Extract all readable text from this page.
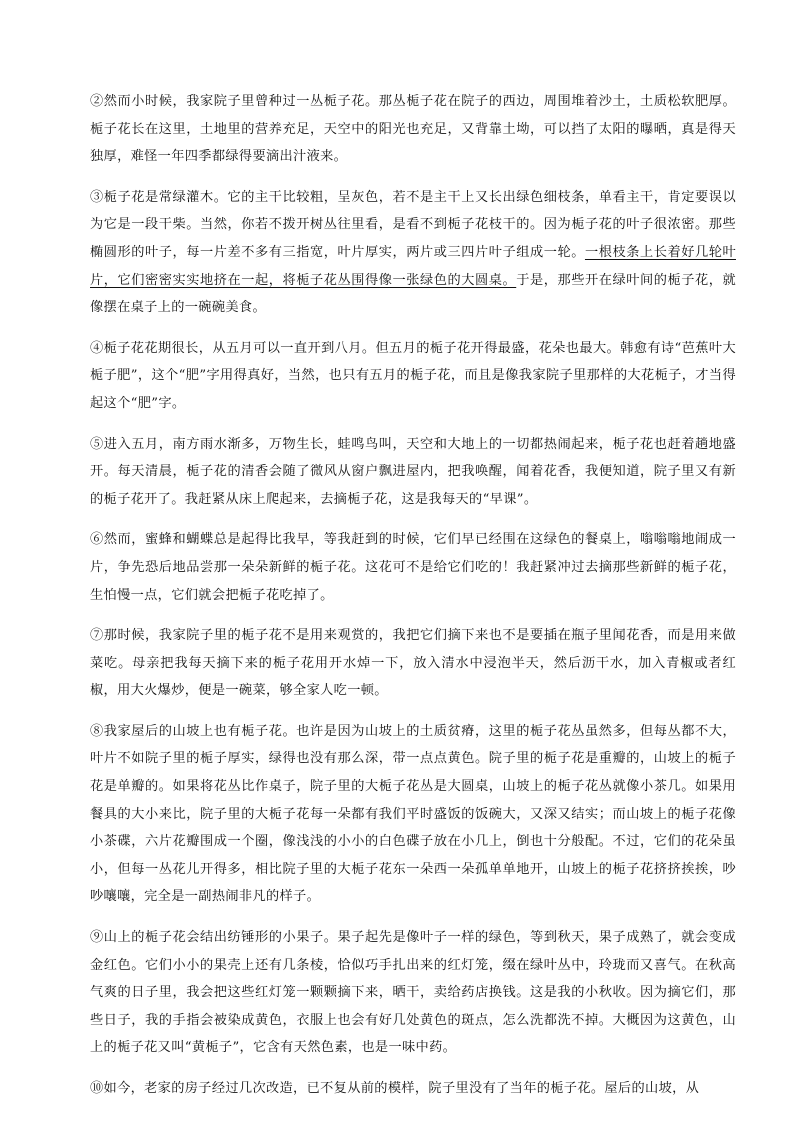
②然而小时候，我家院子里曾种过一丛栀子花。那丛栀子花在院子的西边，周围堆着沙土，土质松软肥厚。栀子花长在这里，土地里的营养充足，天空中的阳光也充足，又背靠土坳，可以挡了太阳的曝晒，真是得天独厚，难怪一年四季都绿得要滴出汁液来。

③栀子花是常绿灌木。它的主干比较粗，呈灰色，若不是主干上又长出绿色细枝条，单看主干，肯定要误以为它是一段干柴。当然，你若不拨开树丛往里看，是看不到栀子花枝干的。因为栀子花的叶子很浓密。那些椭圆形的叶子，每一片差不多有三指宽，叶片厚实，两片或三四片叶子组成一轮。一根枝条上长着好几轮叶片，它们密密实实地挤在一起，将栀子花丛围得像一张绿色的大圆桌。于是，那些开在绿叶间的栀子花，就像摆在桌子上的一碗碗美食。

④栀子花花期很长，从五月可以一直开到八月。但五月的栀子花开得最盛，花朵也最大。韩愈有诗“芭蕉叶大栀子肥”，这个“肥”字用得真好，当然，也只有五月的栀子花，而且是像我家院子里那样的大花栀子，才当得起这个“肥”字。

⑤进入五月，南方雨水渐多，万物生长，蛙鸣鸟叫，天空和大地上的一切都热闹起来，栀子花也赶着趟地盛开。每天清晨，栀子花的清香会随了微风从窗户飘进屋内，把我唤醒，闻着花香，我便知道，院子里又有新的栀子花开了。我赶紧从床上爬起来，去摘栀子花，这是我每天的“早课”。

⑥然而，蜜蜂和蝴蝶总是起得比我早，等我赶到的时候，它们早已经围在这绿色的餐桌上，嗡嗡嗡地闹成一片，争先恐后地品尝那一朵朵新鲜的栀子花。这花可不是给它们吃的！我赶紧冲过去摘那些新鲜的栀子花，生怕慢一点，它们就会把栀子花吃掉了。

⑦那时候，我家院子里的栀子花不是用来观赏的，我把它们摘下来也不是要插在瓶子里闻花香，而是用来做菜吃。母亲把我每天摘下来的栀子花用开水焯一下，放入清水中浸泡半天，然后沥干水，加入青椒或者红椒，用大火爆炒，便是一碗菜，够全家人吃一顿。

⑧我家屋后的山坡上也有栀子花。也许是因为山坡上的土质贫瘠，这里的栀子花丛虽然多，但每丛都不大，叶片不如院子里的栀子厚实，绿得也没有那么深，带一点点黄色。院子里的栀子花是重瓣的，山坡上的栀子花是单瓣的。如果将花丛比作桌子，院子里的大栀子花丛是大圆桌，山坡上的栀子花丛就像小茶几。如果用餐具的大小来比，院子里的大栀子花每一朵都有我们平时盛饭的饭碗大，又深又结实；而山坡上的栀子花像小茶碟，六片花瓣围成一个圈，像浅浅的小小的白色碟子放在小几上，倒也十分般配。不过，它们的花朵虽小，但每一丛花儿开得多，相比院子里的大栀子花东一朵西一朵孤单单地开，山坡上的栀子花挤挤挨挨，吵吵嚷嚷，完全是一副热闹非凡的样子。

⑨山上的栀子花会结出纺锤形的小果子。果子起先是像叶子一样的绿色，等到秋天，果子成熟了，就会变成金红色。它们小小的果壳上还有几条棱，恰似巧手扎出来的红灯笼，缀在绿叶丛中，玲珑而又喜气。在秋高气爽的日子里，我会把这些红灯笼一颗颗摘下来，晒干，卖给药店换钱。这是我的小秋收。因为摘它们，那些日子，我的手指会被染成黄色，衣服上也会有好几处黄色的斑点，怎么洗都洗不掉。大概因为这黄色，山上的栀子花又叫“黄栀子”，它含有天然色素，也是一味中药。

⑩如今，老家的房子经过几次改造，已不复从前的模样，院子里没有了当年的栀子花。屋后的山坡，从
